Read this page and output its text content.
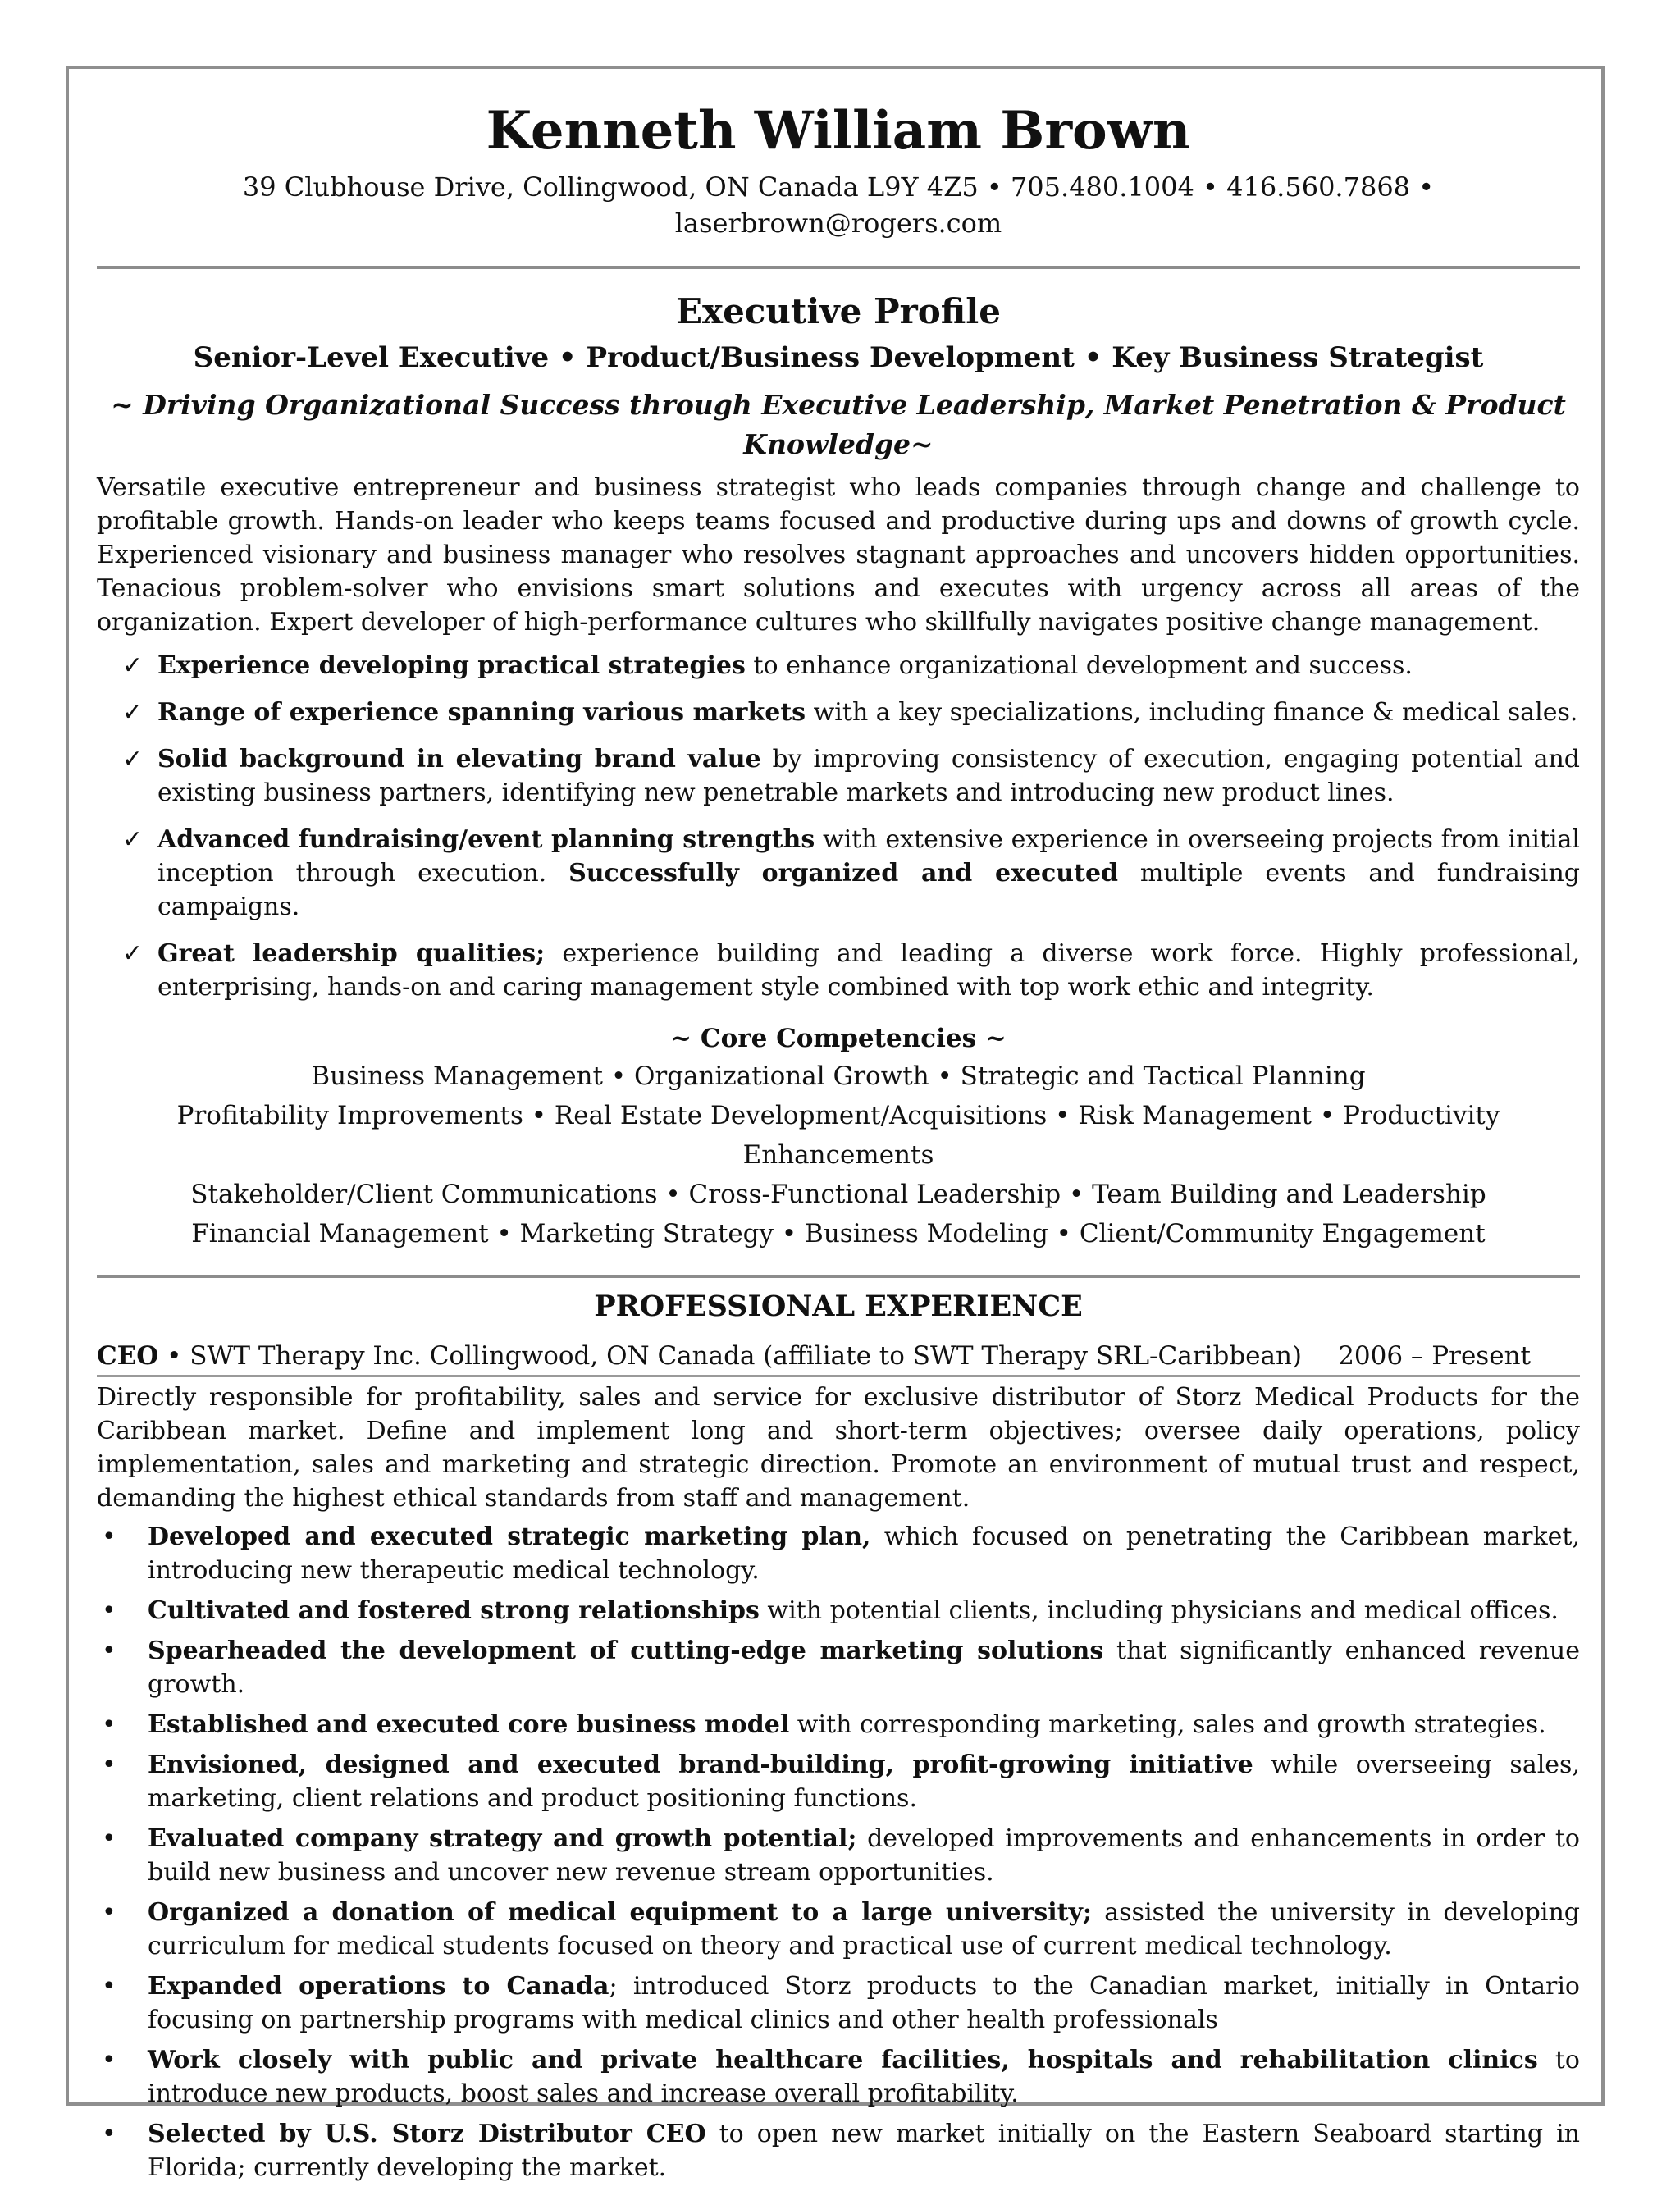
Kenneth William Brown
39 Clubhouse Drive, Collingwood, ON Canada L9Y 4Z5 • 705.480.1004 • 416.560.7868 • laserbrown@rogers.com
Executive Profile
Senior-Level Executive • Product/Business Development • Key Business Strategist
~ Driving Organizational Success through Executive Leadership, Market Penetration & Product Knowledge~
Versatile executive entrepreneur and business strategist who leads companies through change and challenge to profitable growth. Hands-on leader who keeps teams focused and productive during ups and downs of growth cycle. Experienced visionary and business manager who resolves stagnant approaches and uncovers hidden opportunities. Tenacious problem-solver who envisions smart solutions and executes with urgency across all areas of the organization. Expert developer of high-performance cultures who skillfully navigates positive change management.
✓ Experience developing practical strategies to enhance organizational development and success.
✓ Range of experience spanning various markets with a key specializations, including finance & medical sales.
✓ Solid background in elevating brand value by improving consistency of execution, engaging potential and existing business partners, identifying new penetrable markets and introducing new product lines.
✓ Advanced fundraising/event planning strengths with extensive experience in overseeing projects from initial inception through execution. Successfully organized and executed multiple events and fundraising campaigns.
✓ Great leadership qualities; experience building and leading a diverse work force. Highly professional, enterprising, hands-on and caring management style combined with top work ethic and integrity.
~ Core Competencies ~
Business Management • Organizational Growth • Strategic and Tactical Planning
Profitability Improvements • Real Estate Development/Acquisitions • Risk Management • Productivity Enhancements
Stakeholder/Client Communications • Cross-Functional Leadership • Team Building and Leadership
Financial Management • Marketing Strategy • Business Modeling • Client/Community Engagement
PROFESSIONAL EXPERIENCE
CEO • SWT Therapy Inc. Collingwood, ON Canada (affiliate to SWT Therapy SRL-Caribbean) 2006 – Present
Directly responsible for profitability, sales and service for exclusive distributor of Storz Medical Products for the Caribbean market. Define and implement long and short-term objectives; oversee daily operations, policy implementation, sales and marketing and strategic direction. Promote an environment of mutual trust and respect, demanding the highest ethical standards from staff and management.
•	Developed and executed strategic marketing plan, which focused on penetrating the Caribbean market, introducing new therapeutic medical technology.
•	Cultivated and fostered strong relationships with potential clients, including physicians and medical offices.
•	Spearheaded the development of cutting-edge marketing solutions that significantly enhanced revenue growth.
•	Established and executed core business model with corresponding marketing, sales and growth strategies.
•	Envisioned, designed and executed brand-building, profit-growing initiative while overseeing sales, marketing, client relations and product positioning functions.
•	Evaluated company strategy and growth potential; developed improvements and enhancements in order to build new business and uncover new revenue stream opportunities.
•	Organized a donation of medical equipment to a large university; assisted the university in developing curriculum for medical students focused on theory and practical use of current medical technology.
•	Expanded operations to Canada; introduced Storz products to the Canadian market, initially in Ontario focusing on partnership programs with medical clinics and other health professionals
•	Work closely with public and private healthcare facilities, hospitals and rehabilitation clinics to introduce new products, boost sales and increase overall profitability.
•	Selected by U.S. Storz Distributor CEO to open new market initially on the Eastern Seaboard starting in Florida; currently developing the market.
